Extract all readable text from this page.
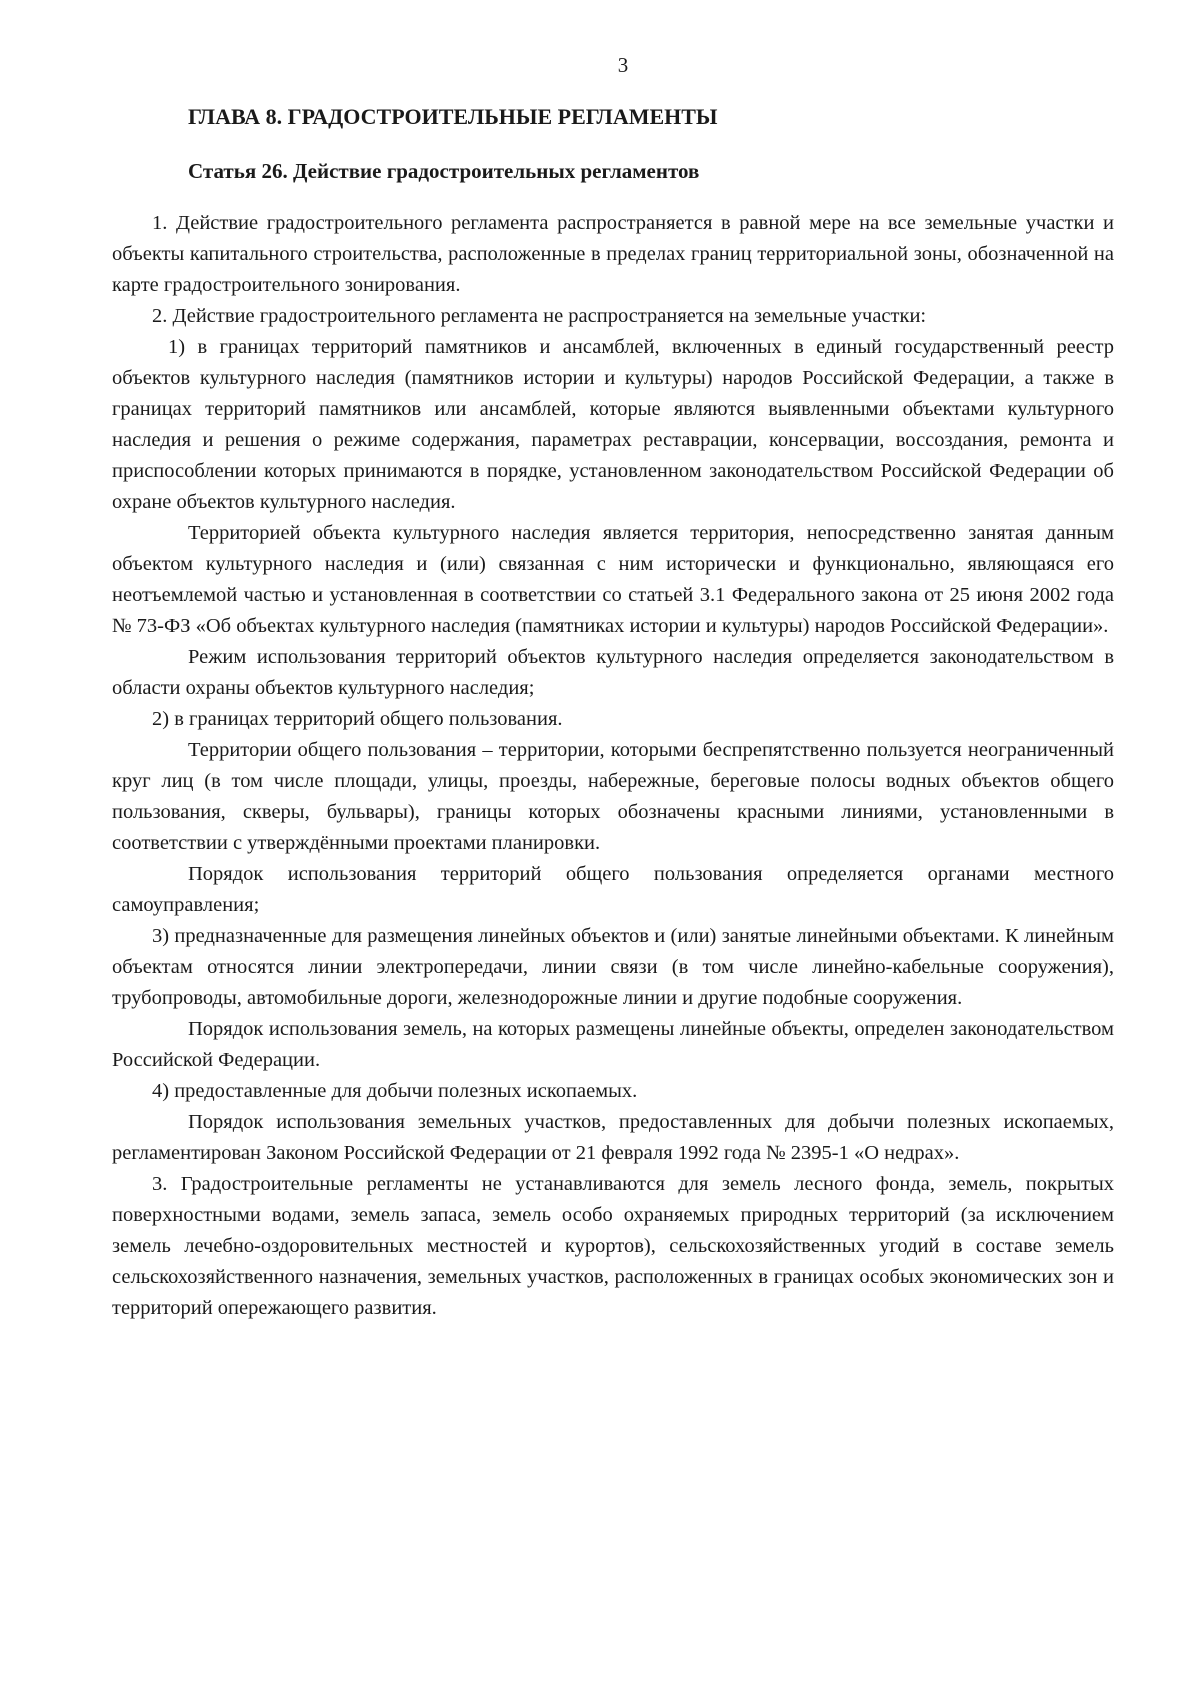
3
ГЛАВА 8. ГРАДОСТРОИТЕЛЬНЫЕ РЕГЛАМЕНТЫ
Статья 26. Действие градостроительных регламентов

1. Действие градостроительного регламента распространяется в равной мере на все земельные участки и объекты капитального строительства, расположенные в пределах границ территориальной зоны, обозначенной на карте градостроительного зонирования.

2. Действие градостроительного регламента не распространяется на земельные участки:

1) в границах территорий памятников и ансамблей, включенных в единый государственный реестр объектов культурного наследия (памятников истории и культуры) народов Российской Федерации, а также в границах территорий памятников или ансамблей, которые являются выявленными объектами культурного наследия и решения о режиме содержания, параметрах реставрации, консервации, воссоздания, ремонта и приспособлении которых принимаются в порядке, установленном законодательством Российской Федерации об охране объектов культурного наследия.

Территорией объекта культурного наследия является территория, непосредственно занятая данным объектом культурного наследия и (или) связанная с ним исторически и функционально, являющаяся его неотъемлемой частью и установленная в соответствии со статьей 3.1 Федерального закона от 25 июня 2002 года № 73-ФЗ «Об объектах культурного наследия (памятниках истории и культуры) народов Российской Федерации».

Режим использования территорий объектов культурного наследия определяется законодательством в области охраны объектов культурного наследия;

2) в границах территорий общего пользования.

Территории общего пользования – территории, которыми беспрепятственно пользуется неограниченный круг лиц (в том числе площади, улицы, проезды, набережные, береговые полосы водных объектов общего пользования, скверы, бульвары), границы которых обозначены красными линиями, установленными в соответствии с утверждёнными проектами планировки.

Порядок использования территорий общего пользования определяется органами местного самоуправления;

3) предназначенные для размещения линейных объектов и (или) занятые линейными объектами. К линейным объектам относятся линии электропередачи, линии связи (в том числе линейно-кабельные сооружения), трубопроводы, автомобильные дороги, железнодорожные линии и другие подобные сооружения.

Порядок использования земель, на которых размещены линейные объекты, определен законодательством Российской Федерации.

4) предоставленные для добычи полезных ископаемых.

Порядок использования земельных участков, предоставленных для добычи полезных ископаемых, регламентирован Законом Российской Федерации от 21 февраля 1992 года № 2395-1 «О недрах».

3. Градостроительные регламенты не устанавливаются для земель лесного фонда, земель, покрытых поверхностными водами, земель запаса, земель особо охраняемых природных территорий (за исключением земель лечебно-оздоровительных местностей и курортов), сельскохозяйственных угодий в составе земель сельскохозяйственного назначения, земельных участков, расположенных в границах особых экономических зон и территорий опережающего развития.
